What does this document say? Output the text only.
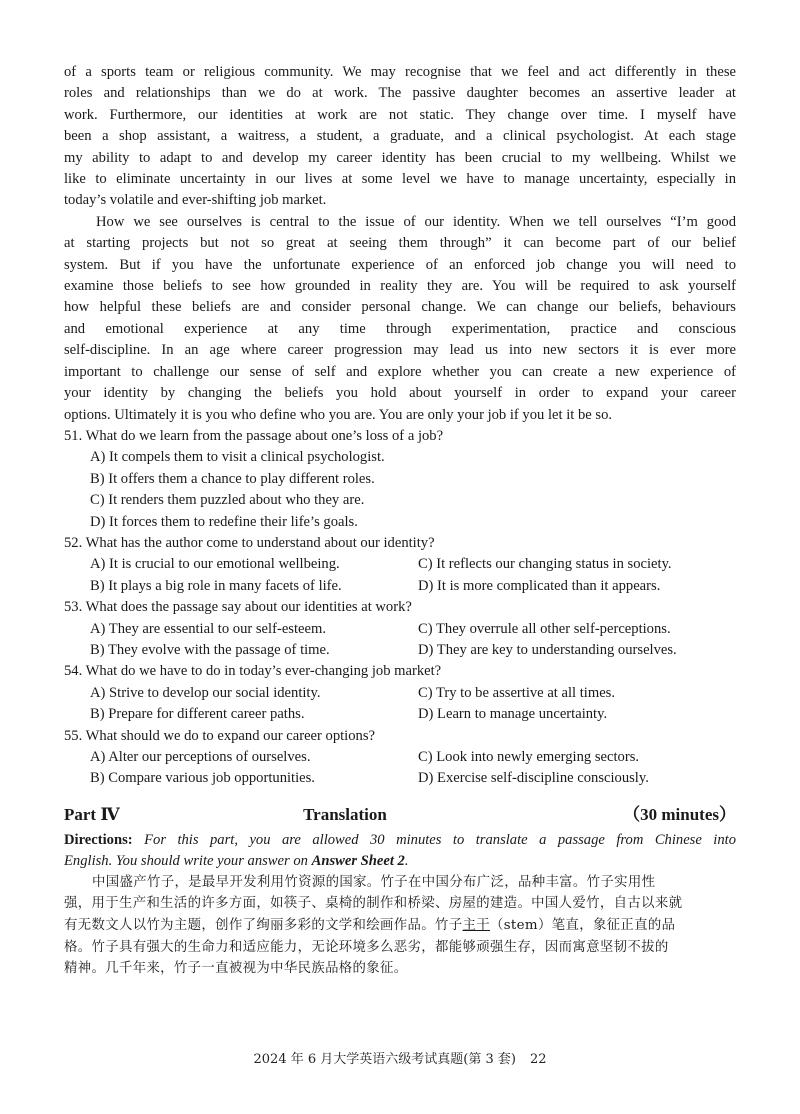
of a sports team or religious community. We may recognise that we feel and act differently in these
roles and relationships than we do at work. The passive daughter becomes an assertive leader at
work. Furthermore, our identities at work are not static. They change over time. I myself have
been a shop assistant, a waitress, a student, a graduate, and a clinical psychologist. At each stage
my ability to adapt to and develop my career identity has been crucial to my wellbeing. Whilst we
like to eliminate uncertainty in our lives at some level we have to manage uncertainty, especially in
today’s volatile and ever-shifting job market.
How we see ourselves is central to the issue of our identity. When we tell ourselves “I’m good
at starting projects but not so great at seeing them through” it can become part of our belief
system. But if you have the unfortunate experience of an enforced job change you will need to
examine those beliefs to see how grounded in reality they are. You will be required to ask yourself
how helpful these beliefs are and consider personal change. We can change our beliefs, behaviours
and emotional experience at any time through experimentation, practice and conscious
self-discipline. In an age where career progression may lead us into new sectors it is ever more
important to challenge our sense of self and explore whether you can create a new experience of
your identity by changing the beliefs you hold about yourself in order to expand your career
options. Ultimately it is you who define who you are. You are only your job if you let it be so.
51. What do we learn from the passage about one’s loss of a job?
A) It compels them to visit a clinical psychologist.
B) It offers them a chance to play different roles.
C) It renders them puzzled about who they are.
D) It forces them to redefine their life’s goals.
52. What has the author come to understand about our identity?
A) It is crucial to our emotional wellbeing.	C) It reflects our changing status in society.
B) It plays a big role in many facets of life.	D) It is more complicated than it appears.
53. What does the passage say about our identities at work?
A) They are essential to our self-esteem.	C) They overrule all other self-perceptions.
B) They evolve with the passage of time.	D) They are key to understanding ourselves.
54. What do we have to do in today’s ever-changing job market?
A) Strive to develop our social identity.	C) Try to be assertive at all times.
B) Prepare for different career paths.	D) Learn to manage uncertainty.
55. What should we do to expand our career options?
A) Alter our perceptions of ourselves.	C) Look into newly emerging sectors.
B) Compare various job opportunities.	D) Exercise self-discipline consciously.
Part Ⅳ	Translation	（30 minutes）
Directions: For this part, you are allowed 30 minutes to translate a passage from Chinese into
English. You should write your answer on Answer Sheet 2.
中国盛产竹子，是最早开发利用竹资源的国家。竹子在中国分布广泛，品种丰富。竹子实用性
强，用于生产和生活的许多方面，如筷子、桌椅的制作和桥梁、房屋的建造。中国人爱竹，自古以来就
有无数文人以竹为主题，创作了绚丽多彩的文学和绘画作品。竹子主干（stem）笔直，象征正直的品
格。竹子具有强大的生命力和适应能力，无论环境多么恶劣，都能够顽强生存，因而寓意坚韧不拔的
精神。几千年来，竹子一直被视为中华民族品格的象征。
2024 年 6 月大学英语六级考试真题(第 3 套) 22
